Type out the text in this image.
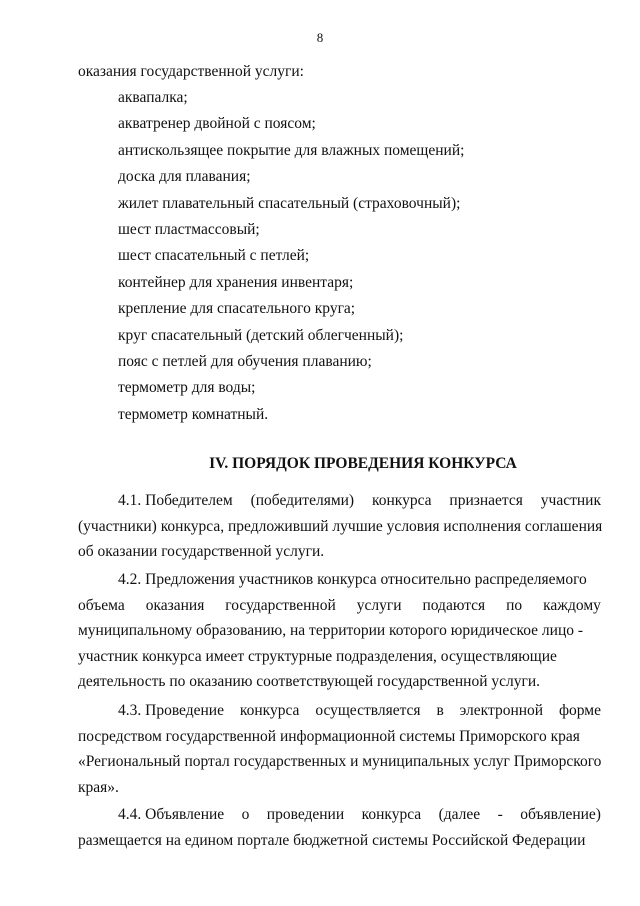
8
оказания государственной услуги:
аквапалка;
акватренер двойной с поясом;
антискользящее покрытие для влажных помещений;
доска для плавания;
жилет плавательный спасательный (страховочный);
шест пластмассовый;
шест спасательный с петлей;
контейнер для хранения инвентаря;
крепление для спасательного круга;
круг спасательный (детский облегченный);
пояс с петлей для обучения плаванию;
термометр для воды;
термометр комнатный.
IV. ПОРЯДОК ПРОВЕДЕНИЯ КОНКУРСА
4.1. Победителем (победителями) конкурса признается участник
(участники) конкурса, предложивший лучшие условия исполнения соглашения
об оказании государственной услуги.
4.2. Предложения участников конкурса относительно распределяемого
объема оказания государственной услуги подаются по каждому
муниципальному образованию, на территории которого юридическое лицо -
участник конкурса имеет структурные подразделения, осуществляющие
деятельность по оказанию соответствующей государственной услуги.
4.3. Проведение конкурса осуществляется в электронной форме
посредством государственной информационной системы Приморского края
«Региональный портал государственных и муниципальных услуг Приморского
края».
4.4. Объявление о проведении конкурса (далее - объявление)
размещается на едином портале бюджетной системы Российской Федерации
